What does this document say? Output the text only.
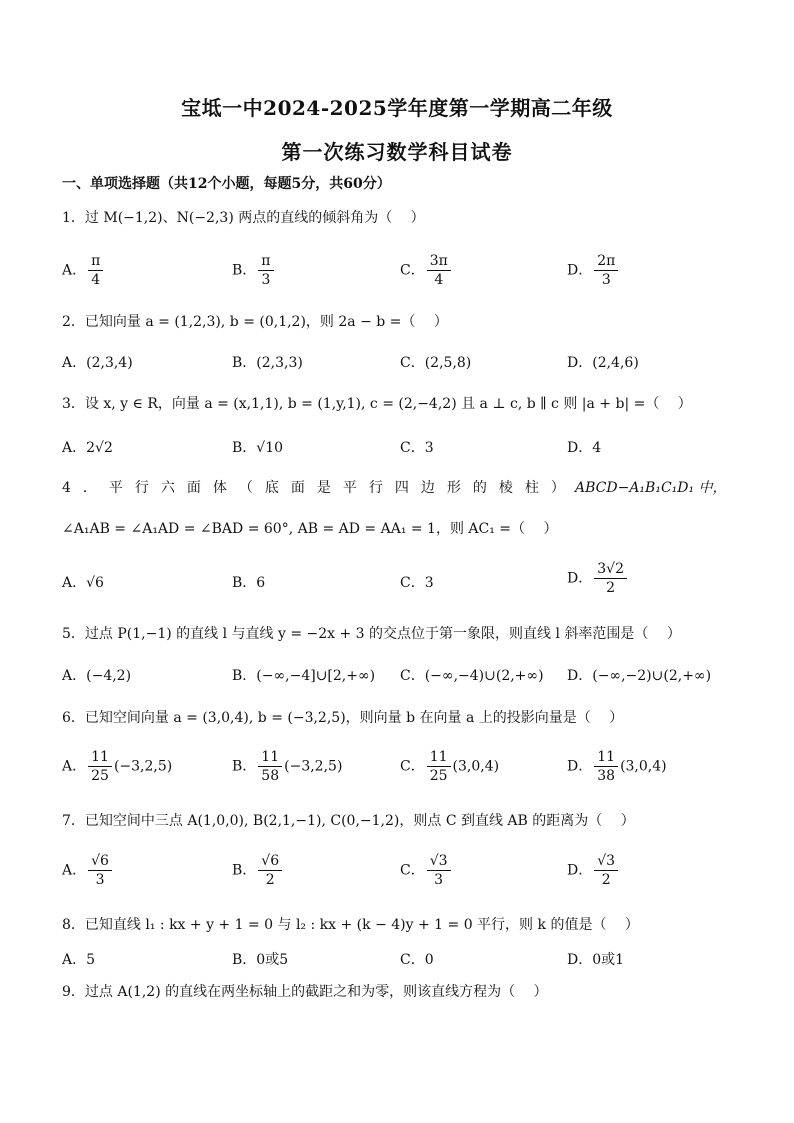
宝坻一中2024-2025学年度第一学期高二年级
第一次练习数学科目试卷
一、单项选择题（共12个小题，每题5分，共60分）
1．过 M(−1,2)、N(−2,3) 两点的直线的倾斜角为（　 ）
A． $\frac{\pi}{4}$	B． $\frac{\pi}{3}$	C． $\frac{3\pi}{4}$	D． $\frac{2\pi}{3}$
2．已知向量 a = (1,2,3), b = (0,1,2)，则 2a − b =（　 ）
A．(2,3,4)	B．(2,3,3)	C．(2,5,8)	D．(2,4,6)
3．设 x, y ∈ R，向量 a = (x,1,1), b = (1,y,1), c = (2,−4,2) 且 a ⊥ c, b ∥ c 则 |a + b| =（　 ）
A．2√2	B．√10	C．3	D．4
4．平行六面体（底面是平行四边形的棱柱）
ABCD−A₁B₁C₁D₁ 中，
∠A₁AB = ∠A₁AD = ∠BAD = 60°, AB = AD = AA₁ = 1，则 AC₁ =（　 ）
A．√6	B．6	C．3	D． $\frac{3√2}{2}$
5．过点 P(1,−1) 的直线 l 与直线 y = −2x + 3 的交点位于第一象限，则直线 l 斜率范围是（　 ）
A．(−4,2)	B．(−∞,−4]∪[2,+∞) C．(−∞,−4)∪(2,+∞) D．(−∞,−2)∪(2,+∞)
6．已知空间向量 a = (3,0,4), b = (−3,2,5)，则向量 b 在向量 a 上的投影向量是（　 ）
A． $\frac{11}{25} (-3,2,5)$	B． $\frac{11}{58} (-3,2,5)$	C． $\frac{11}{25} (3,0,4)$	D． $\frac{11}{38} (3,0,4)$
7．已知空间中三点 A(1,0,0), B(2,1,−1), C(0,−1,2)，则点 C 到直线 AB 的距离为（　 ）
A． $\frac{√6}{3}$	B． $\frac{√6}{2}$	C． $\frac{√3}{3}$	D． $\frac{√3}{2}$
8．已知直线 l₁ : kx + y + 1 = 0 与 l₂ : kx + (k − 4)y + 1 = 0 平行，则 k 的值是（　 ）
A．5	B．0或5	C．0	D．0或1
9．过点 A(1,2) 的直线在两坐标轴上的截距之和为零，则该直线方程为（　 ）
